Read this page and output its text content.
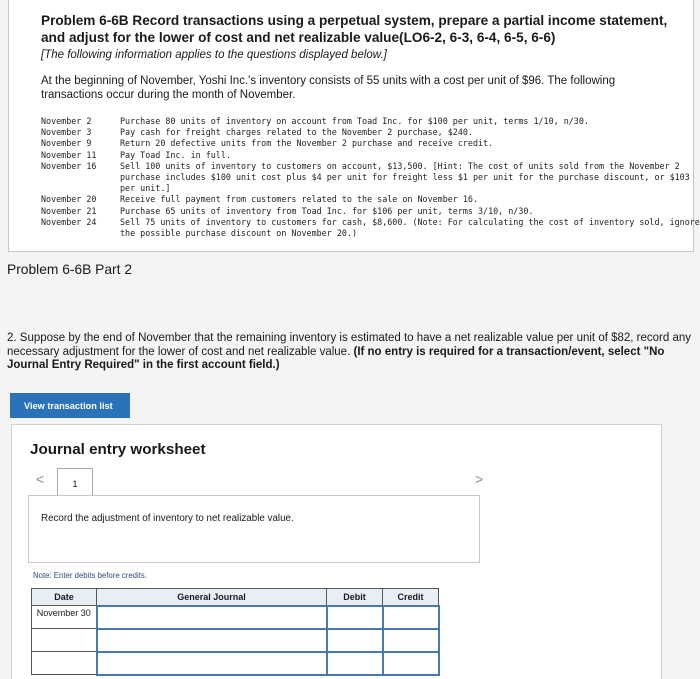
Problem 6-6B Record transactions using a perpetual system, prepare a partial income statement, and adjust for the lower of cost and net realizable value(LO6-2, 6-3, 6-4, 6-5, 6-6)
[The following information applies to the questions displayed below.]
At the beginning of November, Yoshi Inc.'s inventory consists of 55 units with a cost per unit of $96. The following transactions occur during the month of November.
November 2	Purchase 80 units of inventory on account from Toad Inc. for $100 per unit, terms 1/10, n/30.
November 3	Pay cash for freight charges related to the November 2 purchase, $240.
November 9	Return 20 defective units from the November 2 purchase and receive credit.
November 11	Pay Toad Inc. in full.
November 16	Sell 100 units of inventory to customers on account, $13,500. [Hint: The cost of units sold from the November 2 purchase includes $100 unit cost plus $4 per unit for freight less $1 per unit for the purchase discount, or $103 per unit.]
November 20	Receive full payment from customers related to the sale on November 16.
November 21	Purchase 65 units of inventory from Toad Inc. for $106 per unit, terms 3/10, n/30.
November 24	Sell 75 units of inventory to customers for cash, $8,600. (Note: For calculating the cost of inventory sold, ignore the possible purchase discount on November 20.)
Problem 6-6B Part 2
2. Suppose by the end of November that the remaining inventory is estimated to have a net realizable value per unit of $82, record any necessary adjustment for the lower of cost and net realizable value. (If no entry is required for a transaction/event, select "No Journal Entry Required" in the first account field.)
View transaction list
Journal entry worksheet
<	1	>
Record the adjustment of inventory to net realizable value.
Note: Enter debits before credits.
Date	General Journal	Debit	Credit
November 30			
